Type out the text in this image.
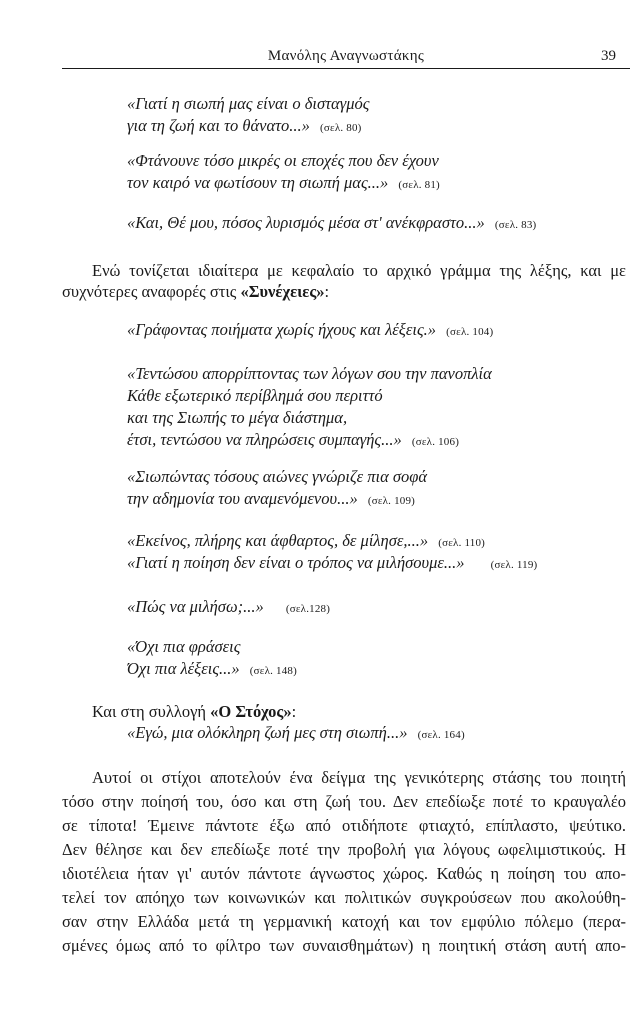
Μανόλης Αναγνωστάκης	39
«Γιατί η σιωπή μας είναι ο δισταγμός
για τη ζωή και το θάνατο...» (σελ. 80)
«Φτάνουνε τόσο μικρές οι εποχές που δεν έχουν
τον καιρό να φωτίσουν τη σιωπή μας...» (σελ. 81)
«Και, Θέ μου, πόσος λυρισμός μέσα στ' ανέκφραστο...» (σελ. 83)
Ενώ τονίζεται ιδιαίτερα με κεφαλαίο το αρχικό γράμμα της λέξης, και με
συχνότερες αναφορές στις «Συνέχειες»:
«Γράφοντας ποιήματα χωρίς ήχους και λέξεις.» (σελ. 104)
«Τεντώσου απορρίπτοντας των λόγων σου την πανοπλία
Κάθε εξωτερικό περίβλημά σου περιττό
και της Σιωπής το μέγα διάστημα,
έτσι, τεντώσου να πληρώσεις συμπαγής...» (σελ. 106)
«Σιωπώντας τόσους αιώνες γνώριζε πια σοφά
την αδημονία του αναμενόμενου...» (σελ. 109)
«Εκείνος, πλήρης και άφθαρτος, δε μίλησε,...» (σελ. 110)
«Γιατί η ποίηση δεν είναι ο τρόπος να μιλήσουμε...» (σελ. 119)
«Πώς να μιλήσω;...» (σελ.128)
«Όχι πια φράσεις
Όχι πια λέξεις...» (σελ. 148)
Και στη συλλογή «Ο Στόχος»:
«Εγώ, μια ολόκληρη ζωή μες στη σιωπή...» (σελ. 164)
Αυτοί οι στίχοι αποτελούν ένα δείγμα της γενικότερης στάσης του ποιητή
τόσο στην ποίησή του, όσο και στη ζωή του. Δεν επεδίωξε ποτέ το κραυγαλέο
σε τίποτα! Έμεινε πάντοτε έξω από οτιδήποτε φτιαχτό, επίπλαστο, ψεύτικο.
Δεν θέλησε και δεν επεδίωξε ποτέ την προβολή για λόγους ωφελιμιστικούς. Η
ιδιοτέλεια ήταν γι' αυτόν πάντοτε άγνωστος χώρος. Καθώς η ποίηση του απο-
τελεί τον απόηχο των κοινωνικών και πολιτικών συγκρούσεων που ακολούθη-
σαν στην Ελλάδα μετά τη γερμανική κατοχή και τον εμφύλιο πόλεμο (περα-
σμένες όμως από το φίλτρο των συναισθημάτων) η ποιητική στάση αυτή απο-
